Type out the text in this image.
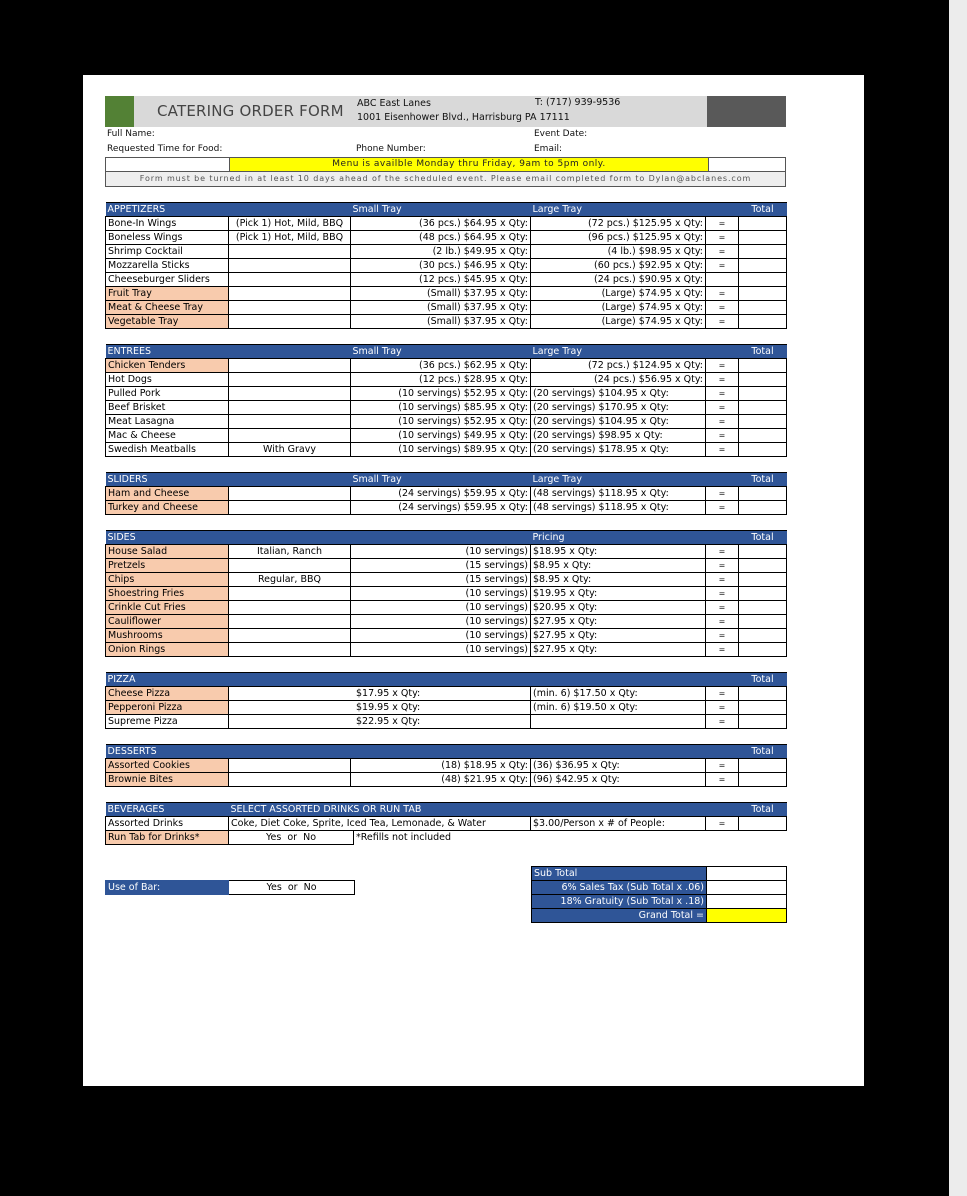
CATERING ORDER FORM ABC East Lanes
1001 Eisenhower Blvd., Harrisburg PA 17111
T: (717) 939-9536
Full Name:	Event Date:
Requested Time for Food:	Phone Number:	Email:
Menu is availble Monday thru Friday, 9am to 5pm only.
Form must be turned in at least 10 days ahead of the scheduled event. Please email completed form to Dylan@abclanes.com
APPETIZERS		Small Tray	Large Tray		Total
Bone-In Wings	(Pick 1) Hot, Mild, BBQ	(36 pcs.) $64.95 x Qty:	(72 pcs.) $125.95 x Qty:	=	
Boneless Wings	(Pick 1) Hot, Mild, BBQ	(48 pcs.) $64.95 x Qty:	(96 pcs.) $125.95 x Qty:	=	
Shrimp Cocktail		(2 lb.) $49.95 x Qty:	(4 lb.) $98.95 x Qty:	=	
Mozzarella Sticks		(30 pcs.) $46.95 x Qty:	(60 pcs.) $92.95 x Qty:	=	
Cheeseburger Sliders		(12 pcs.) $45.95 x Qty:	(24 pcs.) $90.95 x Qty:		
Fruit Tray		(Small) $37.95 x Qty:	(Large) $74.95 x Qty:	=	
Meat & Cheese Tray		(Small) $37.95 x Qty:	(Large) $74.95 x Qty:	=	
Vegetable Tray		(Small) $37.95 x Qty:	(Large) $74.95 x Qty:	=	
ENTREES		Small Tray	Large Tray		Total
Chicken Tenders		(36 pcs.) $62.95 x Qty:	(72 pcs.) $124.95 x Qty:	=	
Hot Dogs		(12 pcs.) $28.95 x Qty:	(24 pcs.) $56.95 x Qty:	=	
Pulled Pork		(10 servings) $52.95 x Qty:	(20 servings) $104.95 x Qty:	=	
Beef Brisket		(10 servings) $85.95 x Qty:	(20 servings) $170.95 x Qty:	=	
Meat Lasagna		(10 servings) $52.95 x Qty:	(20 servings) $104.95 x Qty:	=	
Mac & Cheese		(10 servings) $49.95 x Qty:	(20 servings) $98.95 x Qty:	=	
Swedish Meatballs	With Gravy	(10 servings) $89.95 x Qty:	(20 servings) $178.95 x Qty:	=	
SLIDERS		Small Tray	Large Tray		Total
Ham and Cheese		(24 servings) $59.95 x Qty:	(48 servings) $118.95 x Qty:	=	
Turkey and Cheese		(24 servings) $59.95 x Qty:	(48 servings) $118.95 x Qty:	=	
SIDES			Pricing		Total
House Salad	Italian, Ranch	(10 servings)	$18.95 x Qty:	=	
Pretzels		(15 servings)	$8.95 x Qty:	=	
Chips	Regular, BBQ	(15 servings)	$8.95 x Qty:	=	
Shoestring Fries		(10 servings)	$19.95 x Qty:	=	
Crinkle Cut Fries		(10 servings)	$20.95 x Qty:	=	
Cauliflower		(10 servings)	$27.95 x Qty:	=	
Mushrooms		(10 servings)	$27.95 x Qty:	=	
Onion Rings		(10 servings)	$27.95 x Qty:	=	
PIZZA					Total
Cheese Pizza	$17.95 x Qty:		(min. 6) $17.50 x Qty:	=	
Pepperoni Pizza	$19.95 x Qty:		(min. 6) $19.50 x Qty:	=	
Supreme Pizza	$22.95 x Qty:			=	
DESSERTS					Total
Assorted Cookies		(18) $18.95 x Qty:	(36) $36.95 x Qty:	=	
Brownie Bites		(48) $21.95 x Qty:	(96) $42.95 x Qty:	=	
BEVERAGES	SELECT ASSORTED DRINKS OR RUN TAB				Total
Assorted Drinks	Coke, Diet Coke, Sprite, Iced Tea, Lemonade, & Water		$3.00/Person x # of People:	=	
Run Tab for Drinks*	Yes  or  No	*Refills not included			
Use of Bar:	Yes  or  No
Sub Total	
6% Sales Tax (Sub Total x .06)	
18% Gratuity (Sub Total x .18)	
Grand Total =	
